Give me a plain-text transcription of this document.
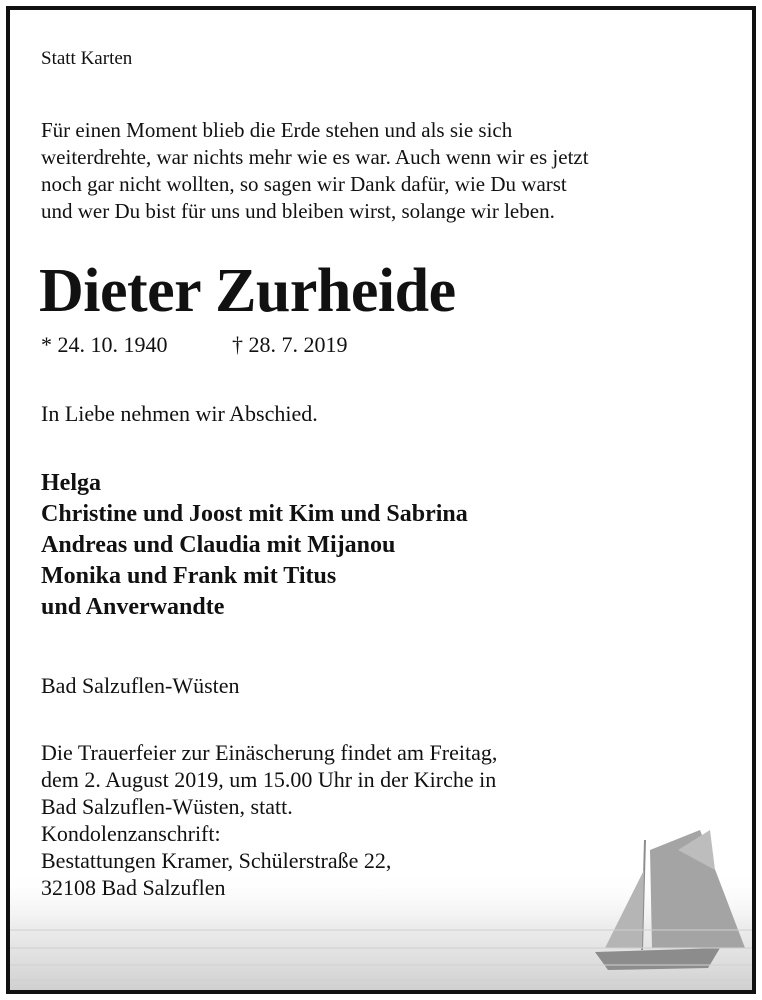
Statt Karten

Für einen Moment blieb die Erde stehen und als sie sich

weiterdrehte, war nichts mehr wie es war. Auch wenn wir es jetzt

noch gar nicht wollten, so sagen wir Dank dafür, wie Du warst

und wer Du bist für uns und bleiben wirst, solange wir leben.

Dieter Zurheide

* 24. 10. 1940	† 28. 7. 2019

In Liebe nehmen wir Abschied.

Helga

Christine und Joost mit Kim und Sabrina

Andreas und Claudia mit Mijanou

Monika und Frank mit Titus

und Anverwandte

Bad Salzuflen-Wüsten

Die Trauerfeier zur Einäscherung findet am Freitag,

dem 2. August 2019, um 15.00 Uhr in der Kirche in

Bad Salzuflen-Wüsten, statt.

Kondolenzanschrift:

Bestattungen Kramer, Schülerstraße 22,

32108 Bad Salzuflen
